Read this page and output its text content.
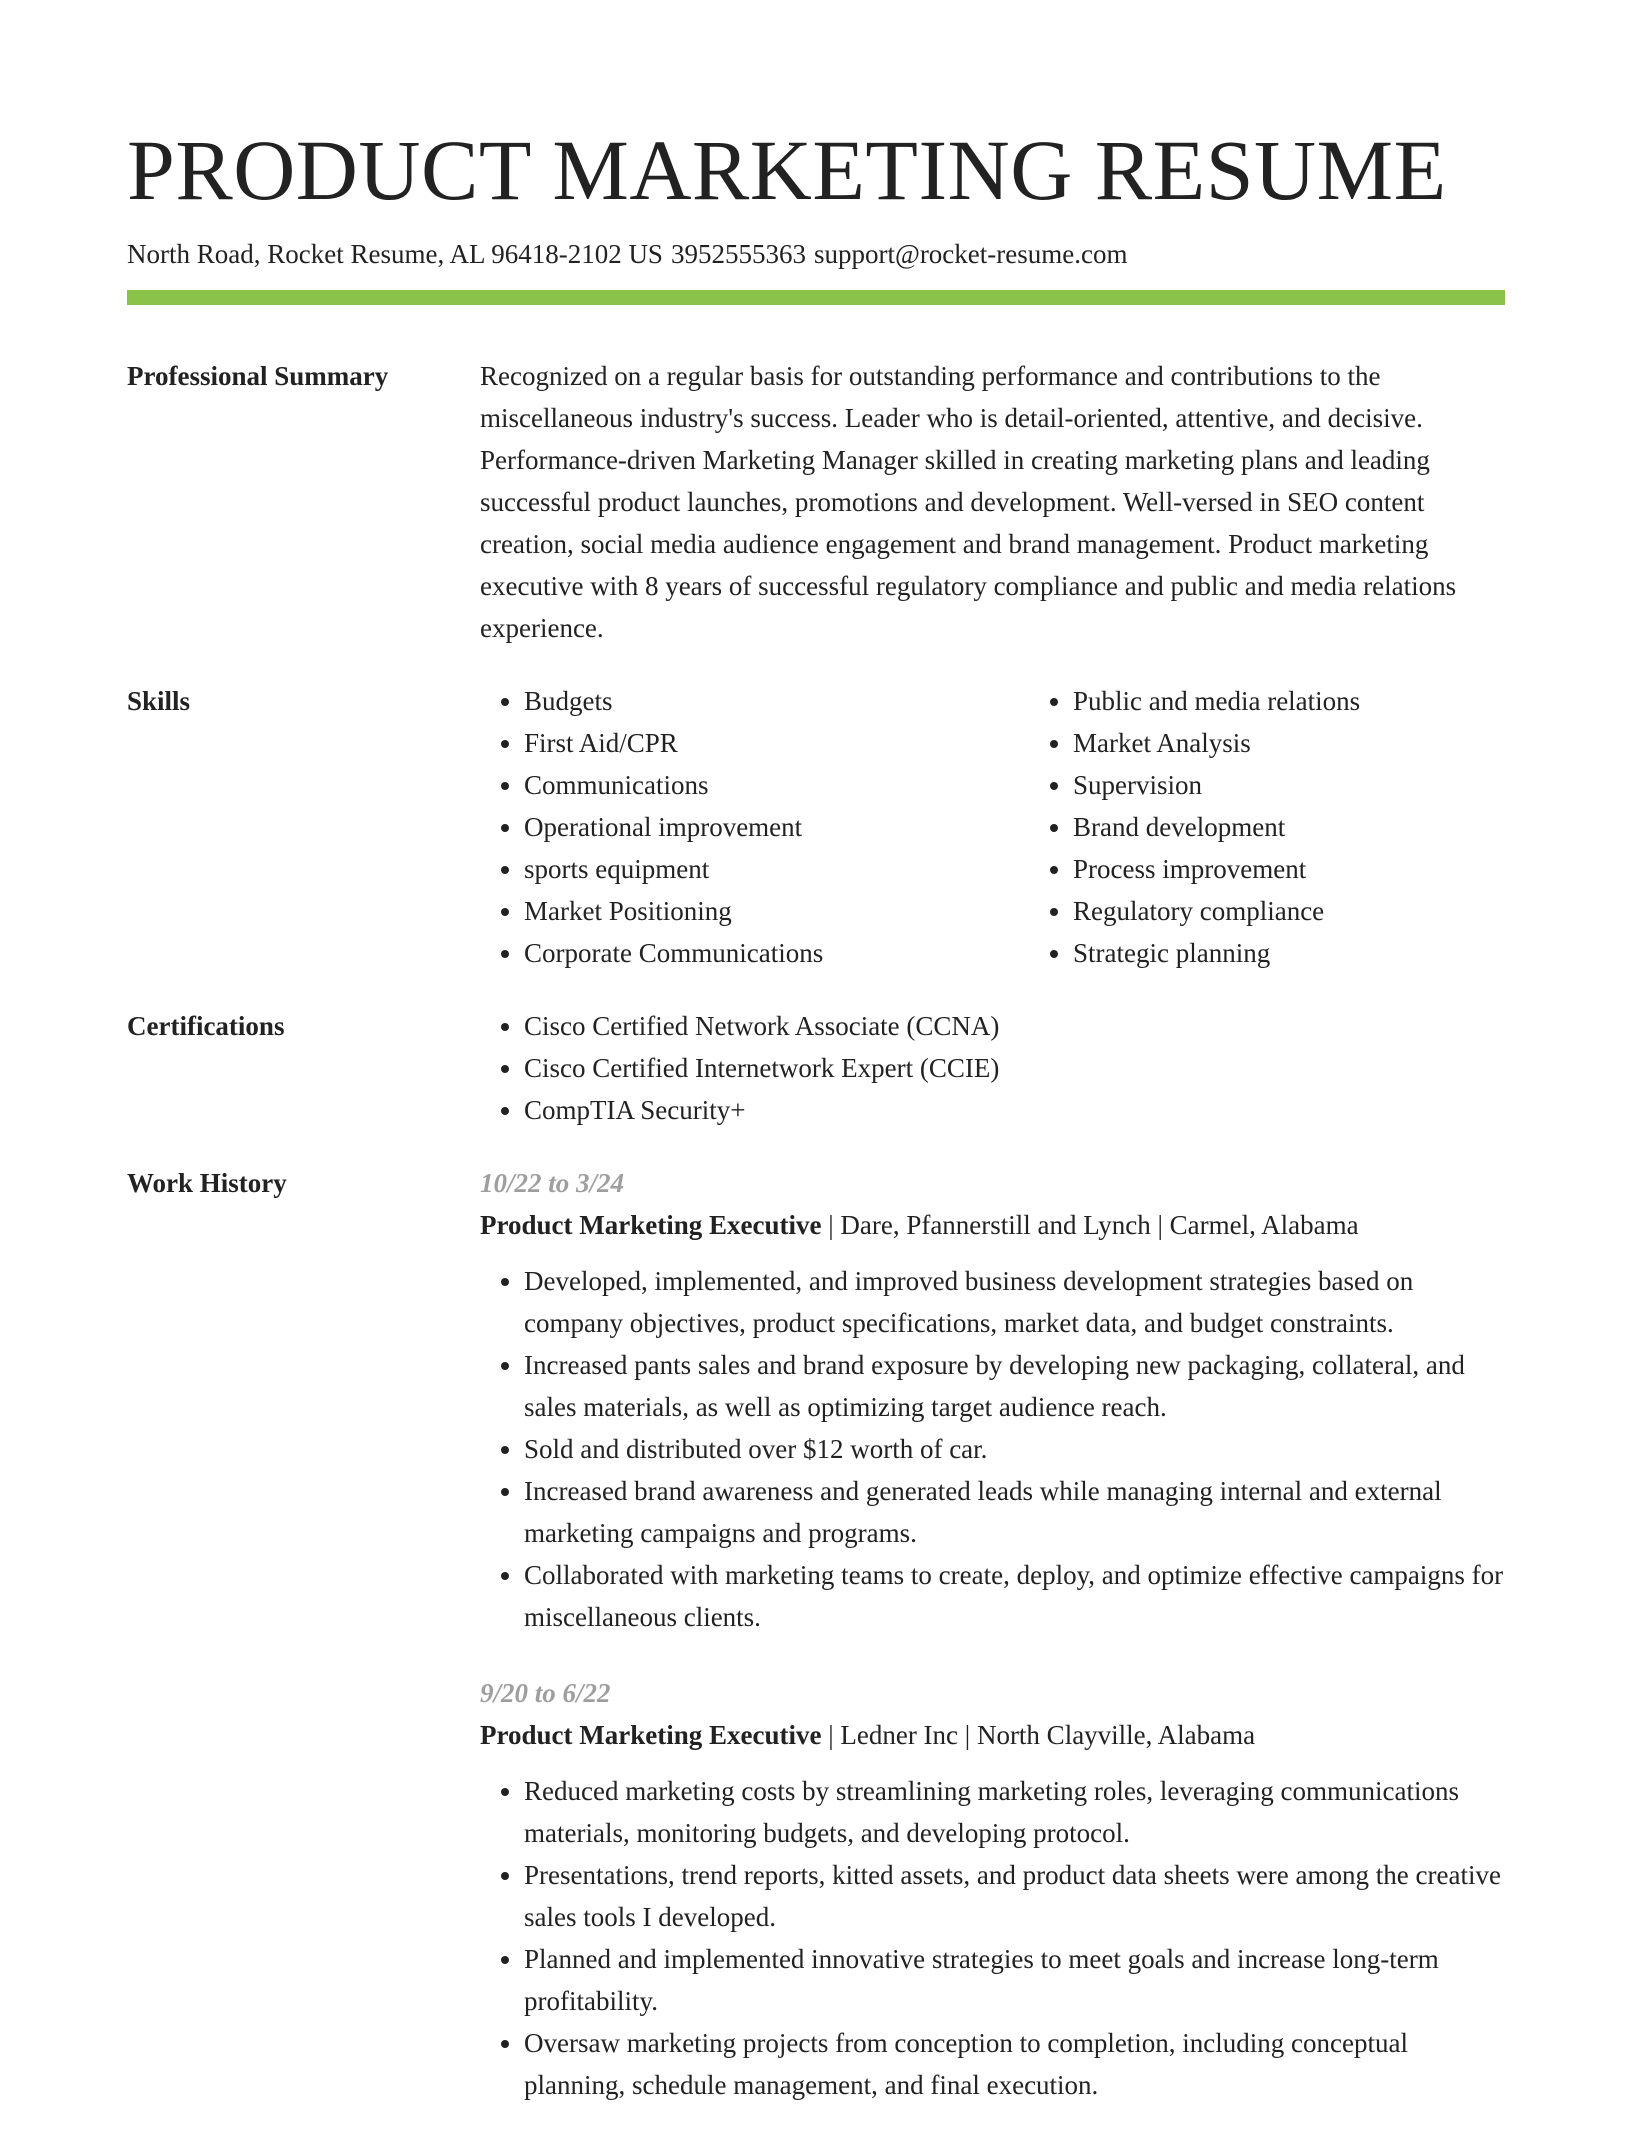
PRODUCT MARKETING RESUME
North Road, Rocket Resume, AL 96418-2102 US 3952555363 support@rocket-resume.com
Professional Summary	Recognized on a regular basis for outstanding performance and contributions to the miscellaneous industry's success. Leader who is detail-oriented, attentive, and decisive. Performance-driven Marketing Manager skilled in creating marketing plans and leading successful product launches, promotions and development. Well-versed in SEO content creation, social media audience engagement and brand management. Product marketing executive with 8 years of successful regulatory compliance and public and media relations experience.

Skills	• Budgets
• First Aid/CPR
• Communications
• Operational improvement
• sports equipment
• Market Positioning
• Corporate Communications
• Public and media relations
• Market Analysis
• Supervision
• Brand development
• Process improvement
• Regulatory compliance
• Strategic planning
Certifications	• Cisco Certified Network Associate (CCNA)
• Cisco Certified Internetwork Expert (CCIE)
• CompTIA Security+
Work History	10/22 to 3/24
Product Marketing Executive | Dare, Pfannerstill and Lynch | Carmel, Alabama
• Developed, implemented, and improved business development strategies based on company objectives, product specifications, market data, and budget constraints.
• Increased pants sales and brand exposure by developing new packaging, collateral, and sales materials, as well as optimizing target audience reach.
• Sold and distributed over $12 worth of car.
• Increased brand awareness and generated leads while managing internal and external marketing campaigns and programs.
• Collaborated with marketing teams to create, deploy, and optimize effective campaigns for miscellaneous clients.
9/20 to 6/22
Product Marketing Executive | Ledner Inc | North Clayville, Alabama
• Reduced marketing costs by streamlining marketing roles, leveraging communications materials, monitoring budgets, and developing protocol.
• Presentations, trend reports, kitted assets, and product data sheets were among the creative sales tools I developed.
• Planned and implemented innovative strategies to meet goals and increase long-term profitability.
• Oversaw marketing projects from conception to completion, including conceptual planning, schedule management, and final execution.
